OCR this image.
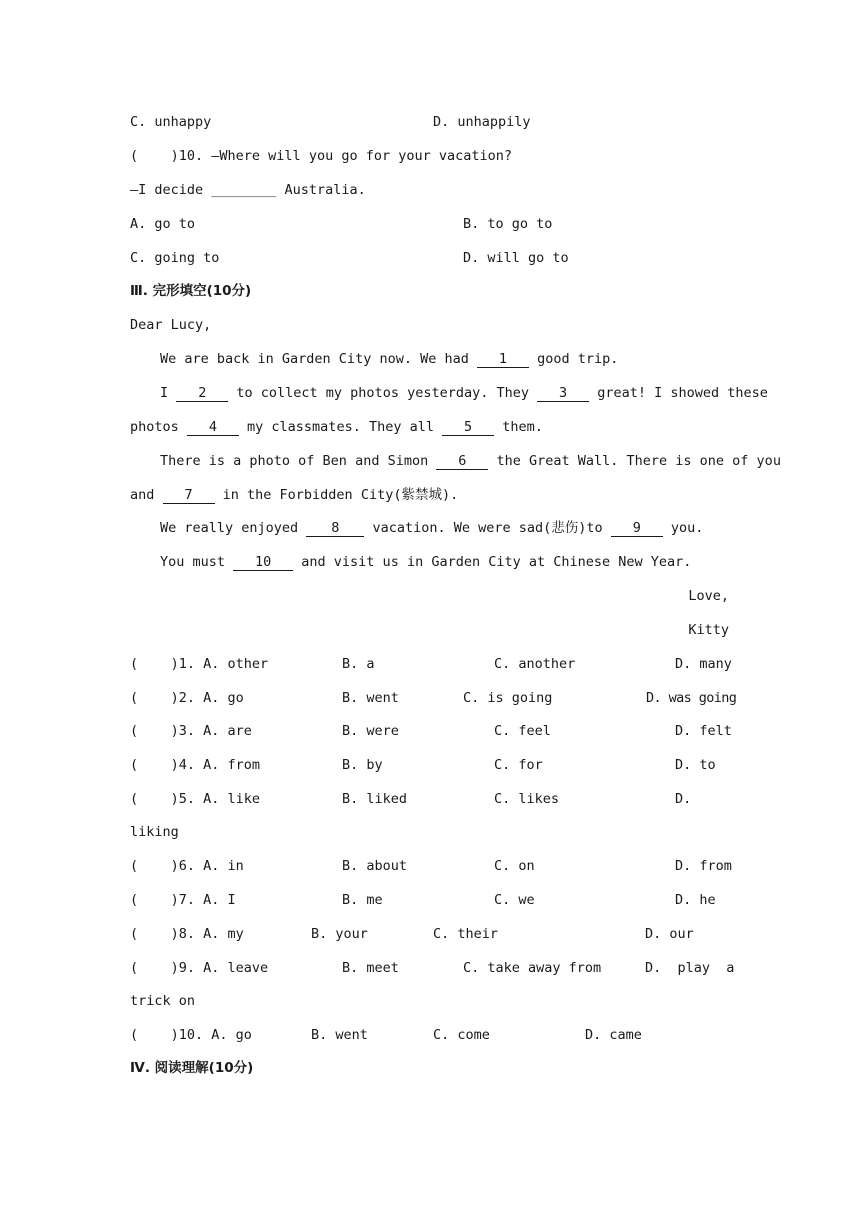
C. unhappy	D. unhappily
(    )10. —Where will you go for your vacation?
—I decide ________ Australia.
A. go to	B. to go to
C. going to	D. will go to
Ⅲ. 完形填空(10分)
Dear Lucy,
We are back in Garden City now. We had 1 good trip.
I 2 to collect my photos yesterday. They 3 great! I showed these
photos 4 my classmates. They all 5 them.
There is a photo of Ben and Simon 6 the Great Wall. There is one of you
and 7 in the Forbidden City(紫禁城).
We really enjoyed 8 vacation. We were sad(悲伤)to 9 you.
You must 10 and visit us in Garden City at Chinese New Year.
Love,
Kitty
(    )1. A. other	B. a	C. another	D. many
(    )2. A. go	B. went	C. is going	D. was going
(    )3. A. are	B. were	C. feel	D. felt
(    )4. A. from	B. by	C. for	D. to
(    )5. A. like	B. liked	C. likes	D.
liking
(    )6. A. in	B. about	C. on	D. from
(    )7. A. I	B. me	C. we	D. he
(    )8. A. my	B. your	C. their	D. our
(    )9. A. leave	B. meet	C. take away from	D.  play  a
trick on
(    )10. A. go	B. went	C. come	D. came
Ⅳ. 阅读理解(10分)
